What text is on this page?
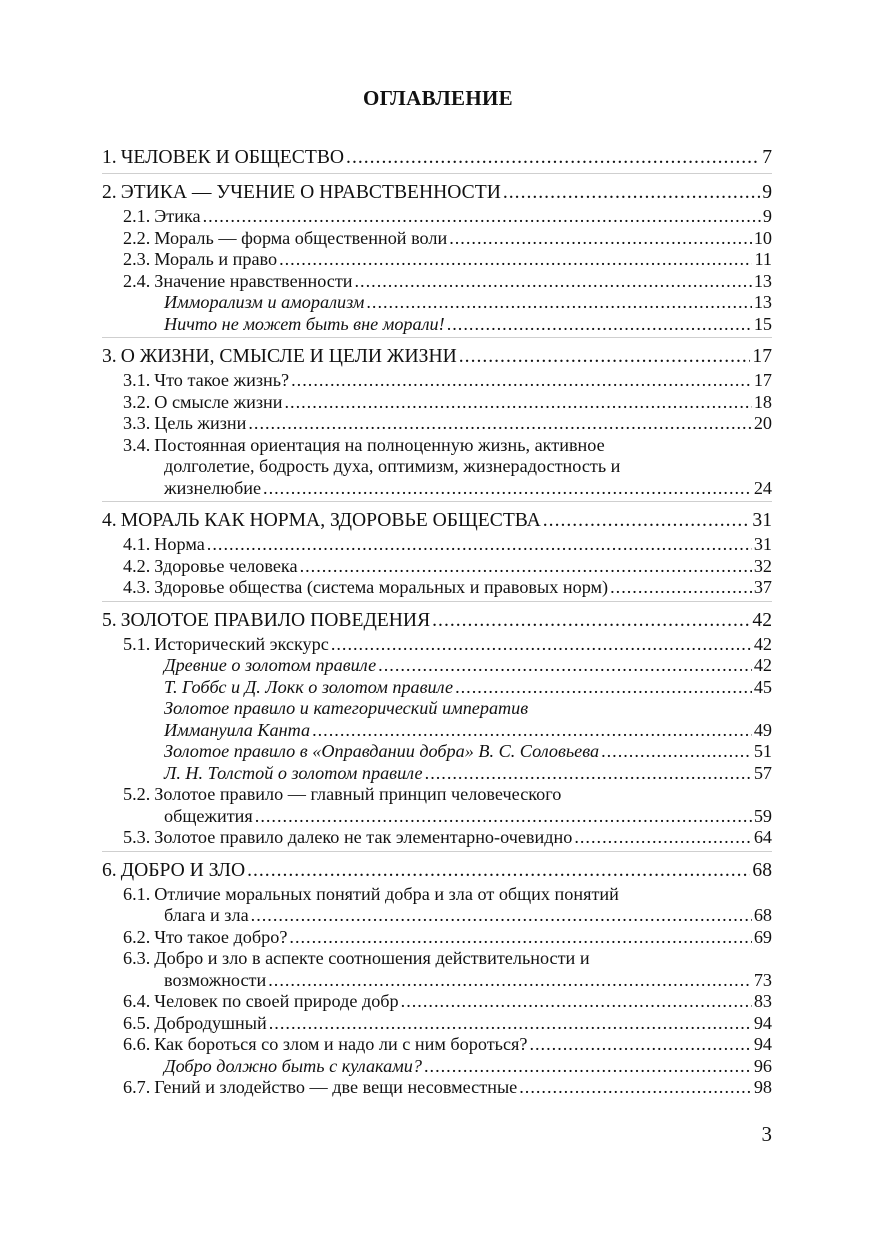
ОГЛАВЛЕНИЕ
1. ЧЕЛОВЕК И ОБЩЕСТВО .....	7
2. ЭТИКА — УЧЕНИЕ О НРАВСТВЕННОСТИ .....	9
2.1. Этика .....	9
2.2. Мораль — форма общественной воли .....	10
2.3. Мораль и право .....	11
2.4. Значение нравственности .....	13
Имморализм и аморализм .....	13
Ничто не может быть вне морали! .....	15
3. О ЖИЗНИ, СМЫСЛЕ И ЦЕЛИ ЖИЗНИ .....	17
3.1. Что такое жизнь? .....	17
3.2. О смысле жизни .....	18
3.3. Цель жизни .....	20
3.4. Постоянная ориентация на полноценную жизнь, активное
долголетие, бодрость духа, оптимизм, жизнерадостность и
жизнелюбие .....	24
4. МОРАЛЬ КАК НОРМА, ЗДОРОВЬЕ ОБЩЕСТВА .....	31
4.1. Норма .....	31
4.2. Здоровье человека .....	32
4.3. Здоровье общества (система моральных и правовых норм) .....	37
5. ЗОЛОТОЕ ПРАВИЛО ПОВЕДЕНИЯ .....	42
5.1. Исторический экскурс .....	42
Древние о золотом правиле .....	42
Т. Гоббс и Д. Локк о золотом правиле .....	45
Золотое правило и категорический императив
Иммануила Канта .....	49
Золотое правило в «Оправдании добра» В. С. Соловьева .....	51
Л. Н. Толстой о золотом правиле .....	57
5.2. Золотое правило — главный принцип человеческого
общежития .....	59
5.3. Золотое правило далеко не так элементарно-очевидно .....	64
6. ДОБРО И ЗЛО .....	68
6.1. Отличие моральных понятий добра и зла от общих понятий
блага и зла .....	68
6.2. Что такое добро? .....	69
6.3. Добро и зло в аспекте соотношения действительности и
возможности .....	73
6.4. Человек по своей природе добр .....	83
6.5. Добродушный .....	94
6.6. Как бороться со злом и надо ли с ним бороться? .....	94
Добро должно быть с кулаками? .....	96
6.7. Гений и злодейство — две вещи несовместные .....	98
3
